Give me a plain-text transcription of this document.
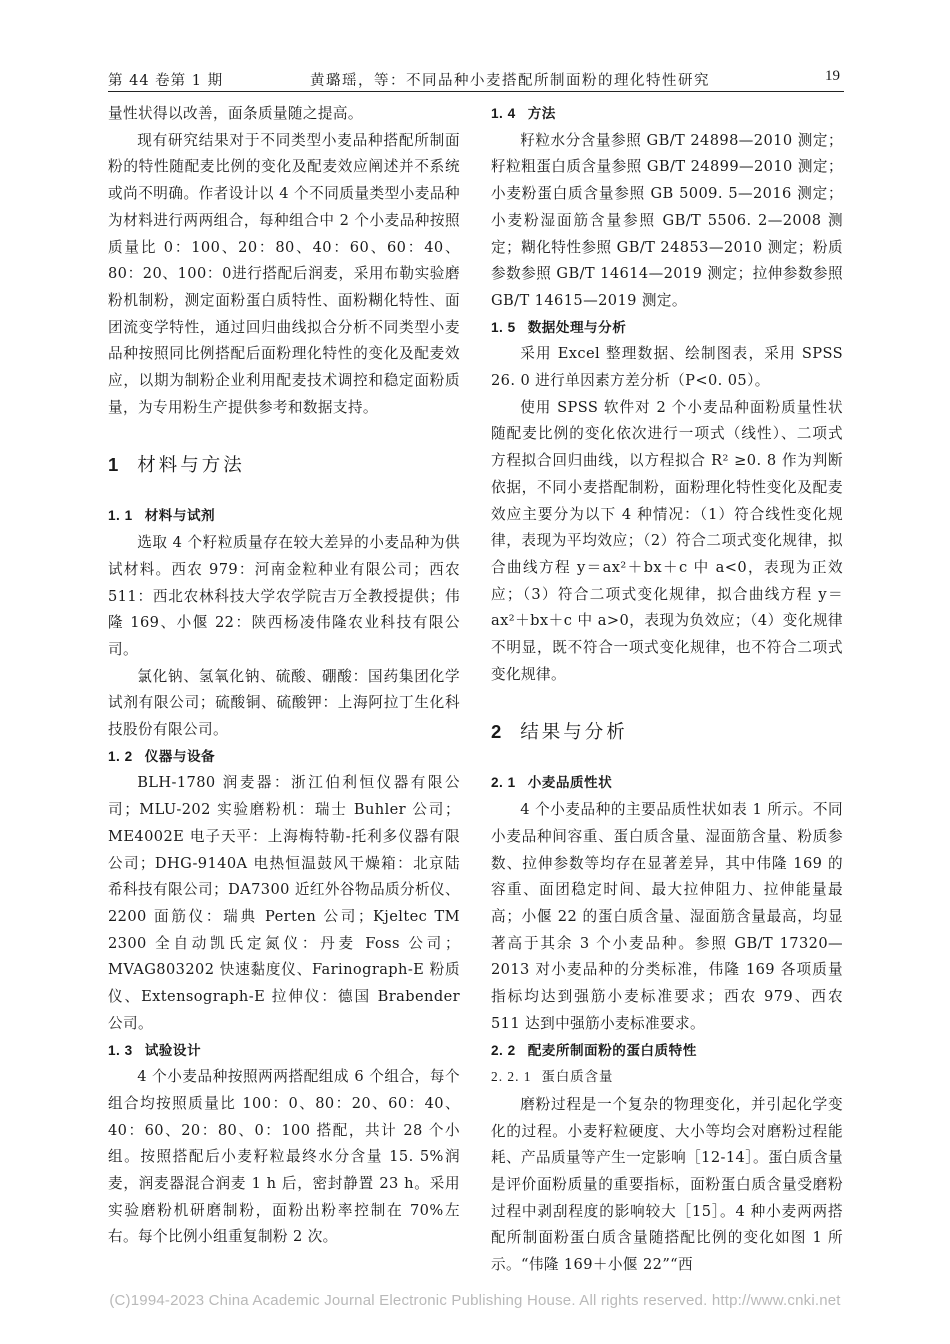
第 44 卷第 1 期	黄璐瑶，等：不同品种小麦搭配所制面粉的理化特性研究	19

量性状得以改善，面条质量随之提高。

现有研究结果对于不同类型小麦品种搭配所制面粉的特性随配麦比例的变化及配麦效应阐述并不系统或尚不明确。作者设计以 4 个不同质量类型小麦品种为材料进行两两组合，每种组合中 2 个小麦品种按照质量比 0：100、20：80、40：60、60：40、80：20、100：0进行搭配后润麦，采用布勒实验磨粉机制粉，测定面粉蛋白质特性、面粉糊化特性、面团流变学特性，通过回归曲线拟合分析不同类型小麦品种按照同比例搭配后面粉理化特性的变化及配麦效应，以期为制粉企业利用配麦技术调控和稳定面粉质量，为专用粉生产提供参考和数据支持。

1 材料与方法
1. 1 材料与试剂

选取 4 个籽粒质量存在较大差异的小麦品种为供试材料。西农 979：河南金粒种业有限公司；西农 511：西北农林科技大学农学院吉万全教授提供；伟隆 169、小偃 22：陕西杨凌伟隆农业科技有限公司。

氯化钠、氢氧化钠、硫酸、硼酸：国药集团化学试剂有限公司；硫酸铜、硫酸钾：上海阿拉丁生化科技股份有限公司。

1. 2 仪器与设备

BLH-1780 润麦器：浙江伯利恒仪器有限公司；MLU-202 实验磨粉机：瑞士 Buhler 公司；ME4002E 电子天平：上海梅特勒-托利多仪器有限公司；DHG-9140A 电热恒温鼓风干燥箱：北京陆希科技有限公司；DA7300 近红外谷物品质分析仪、2200 面筋仪：瑞典 Perten 公司；Kjeltec TM 2300 全自动凯氏定氮仪：丹麦 Foss 公司；MVAG803202 快速黏度仪、Farinograph-E 粉质仪、Extensograph-E 拉伸仪：德国 Brabender 公司。

1. 3 试验设计

4 个小麦品种按照两两搭配组成 6 个组合，每个组合均按照质量比 100：0、80：20、60：40、40：60、20：80、0：100 搭配，共计 28 个小组。按照搭配后小麦籽粒最终水分含量 15. 5%润麦，润麦器混合润麦 1 h 后，密封静置 23 h。采用实验磨粉机研磨制粉，面粉出粉率控制在 70%左右。每个比例小组重复制粉 2 次。

1. 4 方法

籽粒水分含量参照 GB/T 24898—2010 测定；籽粒粗蛋白质含量参照 GB/T 24899—2010 测定；小麦粉蛋白质含量参照 GB 5009. 5—2016 测定；小麦粉湿面筋含量参照 GB/T 5506. 2—2008 测定；糊化特性参照 GB/T 24853—2010 测定；粉质参数参照 GB/T 14614—2019 测定；拉伸参数参照 GB/T 14615—2019 测定。

1. 5 数据处理与分析

采用 Excel 整理数据、绘制图表，采用 SPSS 26. 0 进行单因素方差分析（P<0. 05）。

使用 SPSS 软件对 2 个小麦品种面粉质量性状随配麦比例的变化依次进行一项式（线性）、二项式方程拟合回归曲线，以方程拟合 R² ≥0. 8 作为判断依据，不同小麦搭配制粉，面粉理化特性变化及配麦效应主要分为以下 4 种情况：（1）符合线性变化规律，表现为平均效应；（2）符合二项式变化规律，拟合曲线方程 y＝ax²＋bx＋c 中 a<0，表现为正效应；（3）符合二项式变化规律，拟合曲线方程 y＝ax²＋bx＋c 中 a>0，表现为负效应；（4）变化规律不明显，既不符合一项式变化规律，也不符合二项式变化规律。

2 结果与分析
2. 1 小麦品质性状

4 个小麦品种的主要品质性状如表 1 所示。不同小麦品种间容重、蛋白质含量、湿面筋含量、粉质参数、拉伸参数等均存在显著差异，其中伟隆 169 的容重、面团稳定时间、最大拉伸阻力、拉伸能量最高；小偃 22 的蛋白质含量、湿面筋含量最高，均显著高于其余 3 个小麦品种。参照 GB/T 17320—2013 对小麦品种的分类标准，伟隆 169 各项质量指标均达到强筋小麦标准要求；西农 979、西农 511 达到中强筋小麦标准要求。

2. 2 配麦所制面粉的蛋白质特性
2. 2. 1 蛋白质含量

磨粉过程是一个复杂的物理变化，并引起化学变化的过程。小麦籽粒硬度、大小等均会对磨粉过程能耗、产品质量等产生一定影响［12-14］。蛋白质含量是评价面粉质量的重要指标，面粉蛋白质含量受磨粉过程中剥刮程度的影响较大［15］。4 种小麦两两搭配所制面粉蛋白质含量随搭配比例的变化如图 1 所示。“伟隆 169＋小偃 22”“西

(C)1994-2023 China Academic Journal Electronic Publishing House. All rights reserved. http://www.cnki.net
